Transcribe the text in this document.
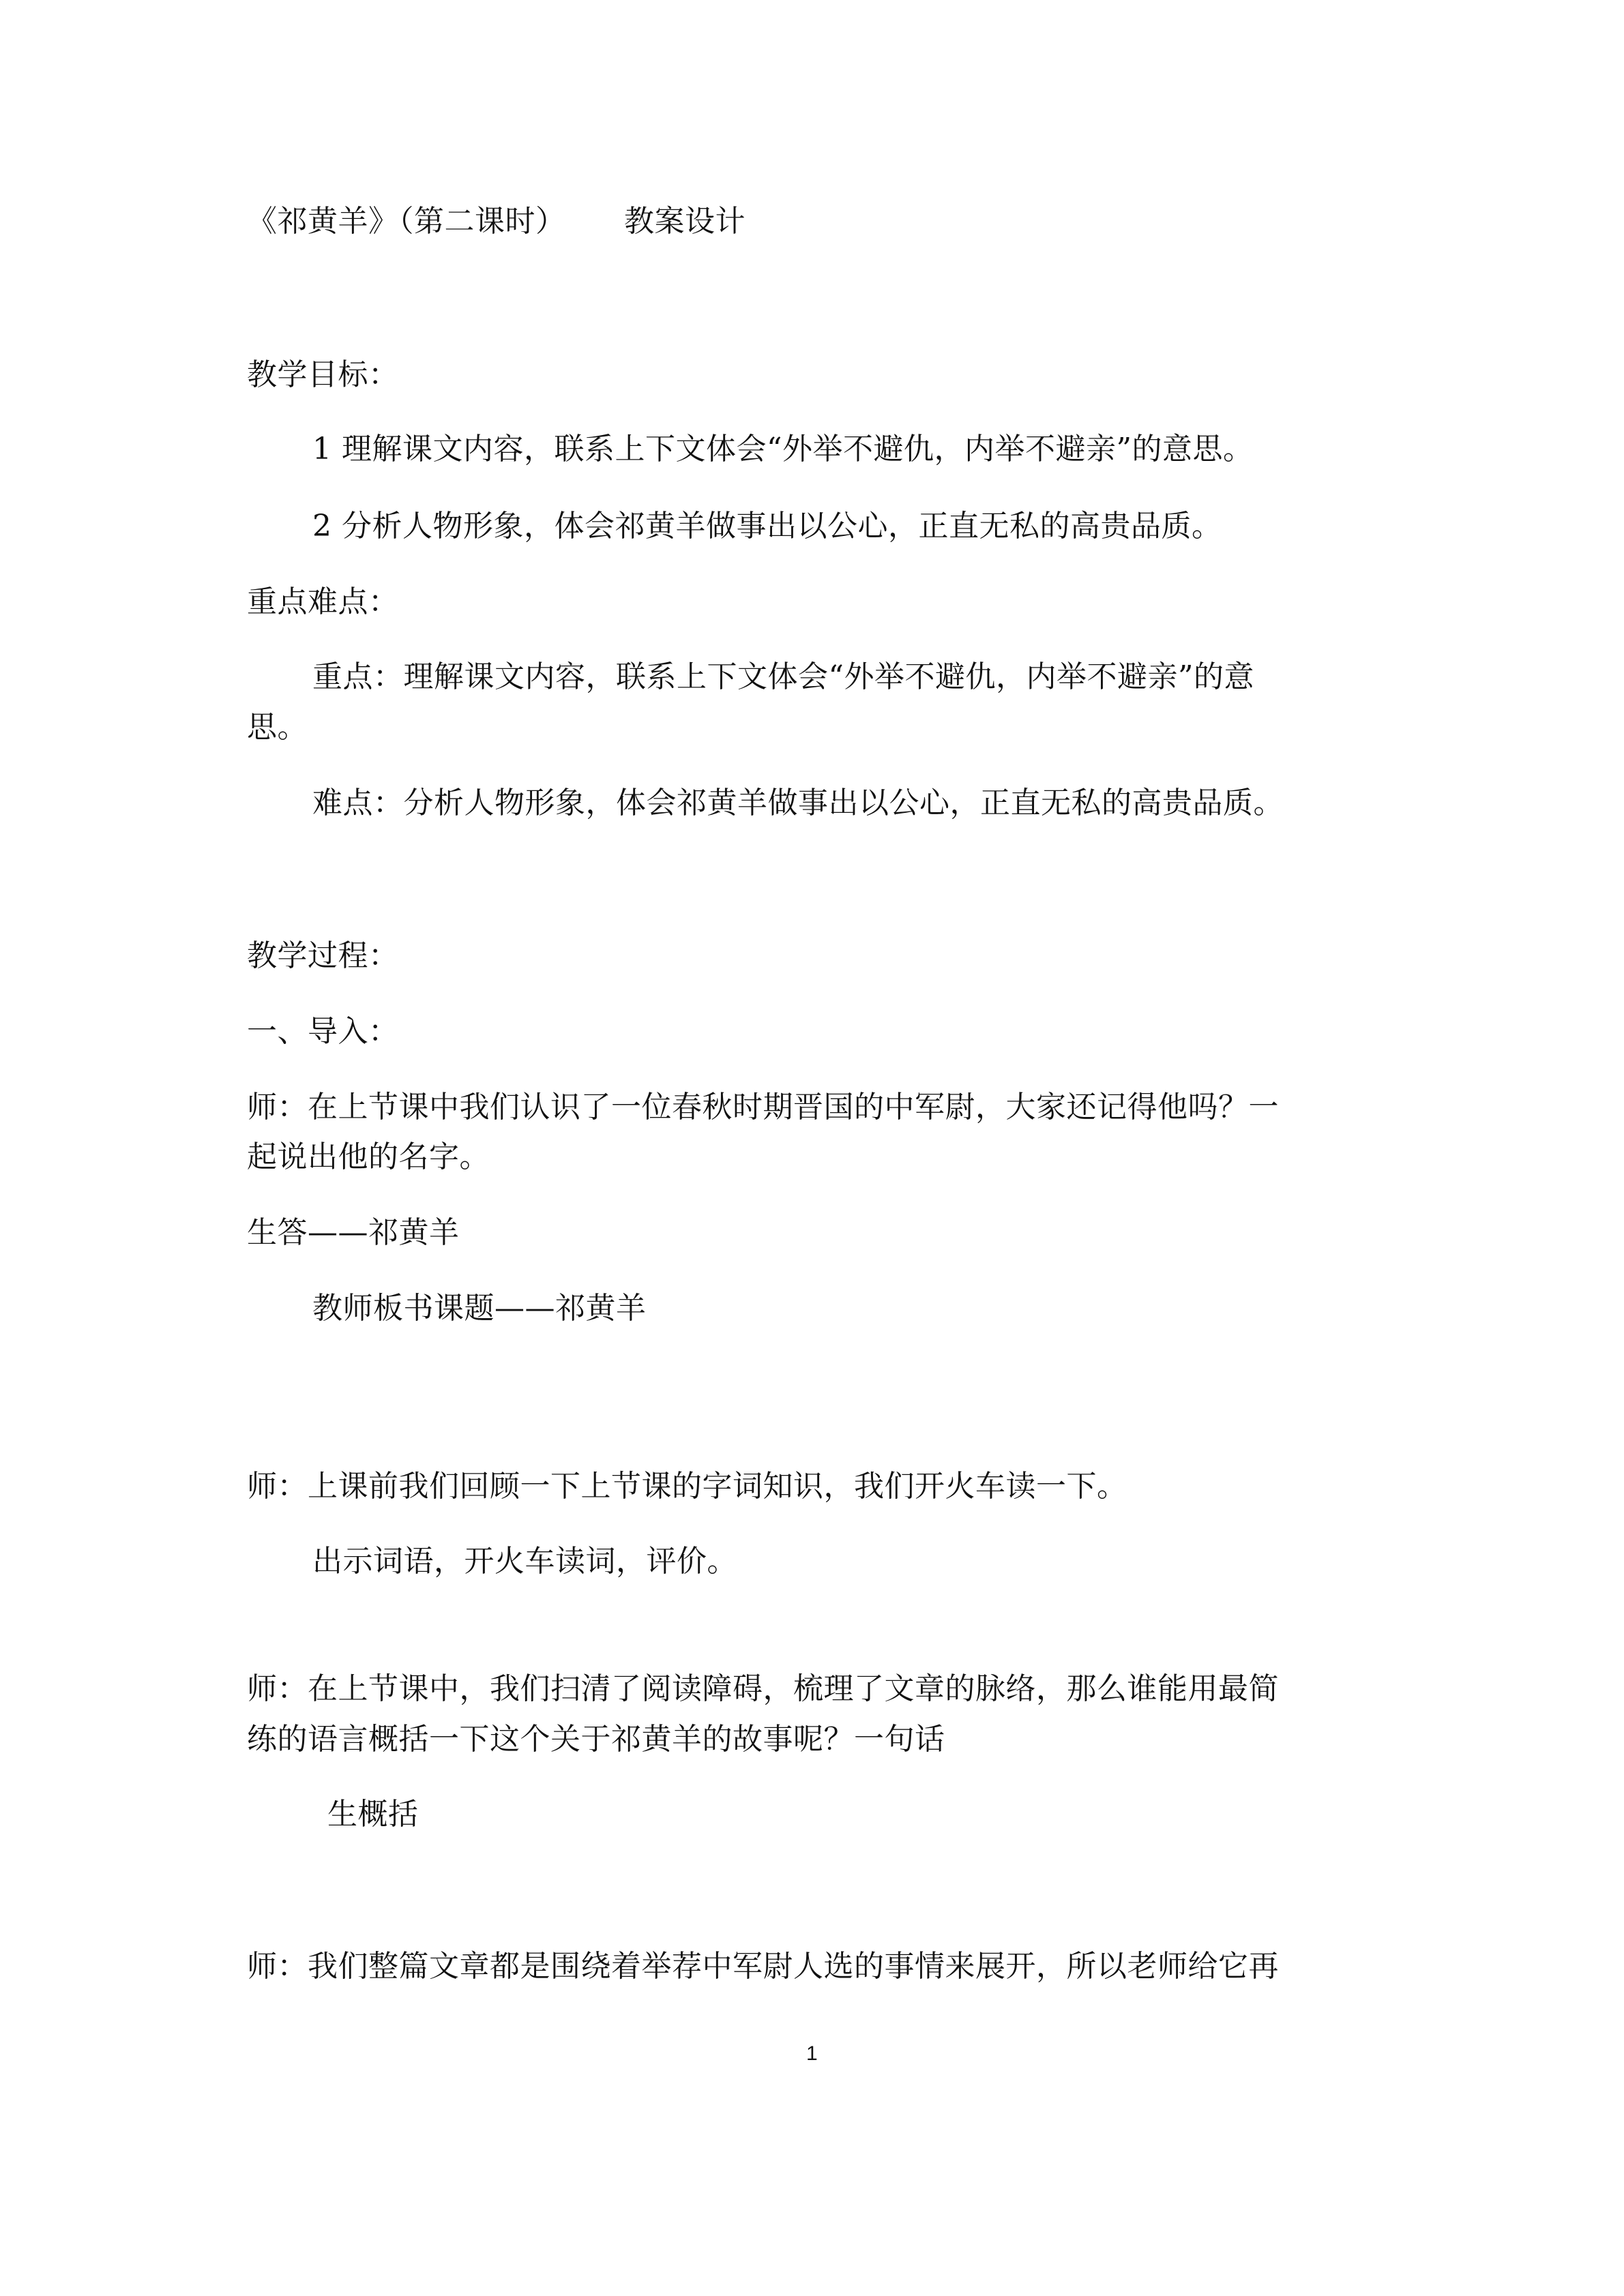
《祁黄羊》（第二课时） 教案设计
教学目标：
1 理解课文内容，联系上下文体会“外举不避仇，内举不避亲”的意思。
2 分析人物形象，体会祁黄羊做事出以公心，正直无私的高贵品质。
重点难点：
重点：理解课文内容，联系上下文体会“外举不避仇，内举不避亲”的意
思。
难点：分析人物形象，体会祁黄羊做事出以公心，正直无私的高贵品质。
教学过程：
一、导入：
师：在上节课中我们认识了一位春秋时期晋国的中军尉，大家还记得他吗？一
起说出他的名字。
生答——祁黄羊
教师板书课题——祁黄羊
师：上课前我们回顾一下上节课的字词知识，我们开火车读一下。
出示词语，开火车读词，评价。
师：在上节课中，我们扫清了阅读障碍，梳理了文章的脉络，那么谁能用最简
练的语言概括一下这个关于祁黄羊的故事呢？一句话
生概括
师：我们整篇文章都是围绕着举荐中军尉人选的事情来展开，所以老师给它再
1
